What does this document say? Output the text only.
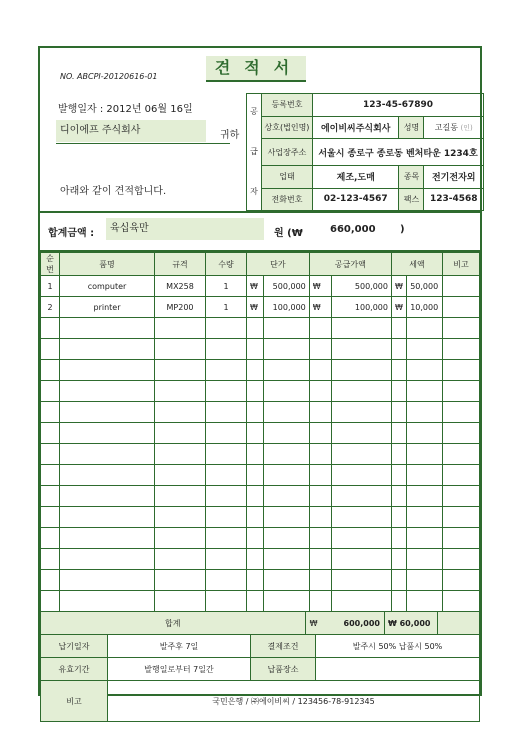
NO. ABCPI-20120616-01	견적서
발행일자 : 2012년 06월 16일
디이에프 주식회사	귀하
아래와 같이 견적합니다.
공

급

자	등록번호	123-45-67890		
	상호(법인명)	에이비씨주식회사	성명	고길동 (인)
	사업장주소	서울시 종로구 종로동 벤처타운 1234호		
	업태	제조,도매	종목	전기전자외
	전화번호	02-123-4567	팩스	123-4568
합계금액 :	육십육만	원 (₩	660,000 )
순번	품명	규격	수량	단가		공급가액		세액		비고
1	computer	MX258	1	₩	500,000	₩	500,000	₩	50,000	
2	printer	MP200	1	₩	100,000	₩	100,000	₩	10,000	

합계	₩	600,000	₩ 60,000	
납기일자	발주후 7일	결제조건	발주시 50% 납품시 50%
유효기간	발행일로부터 7일간	납품장소	
비고	국민은행 / ㈜에이비씨 / 123456-78-912345		
